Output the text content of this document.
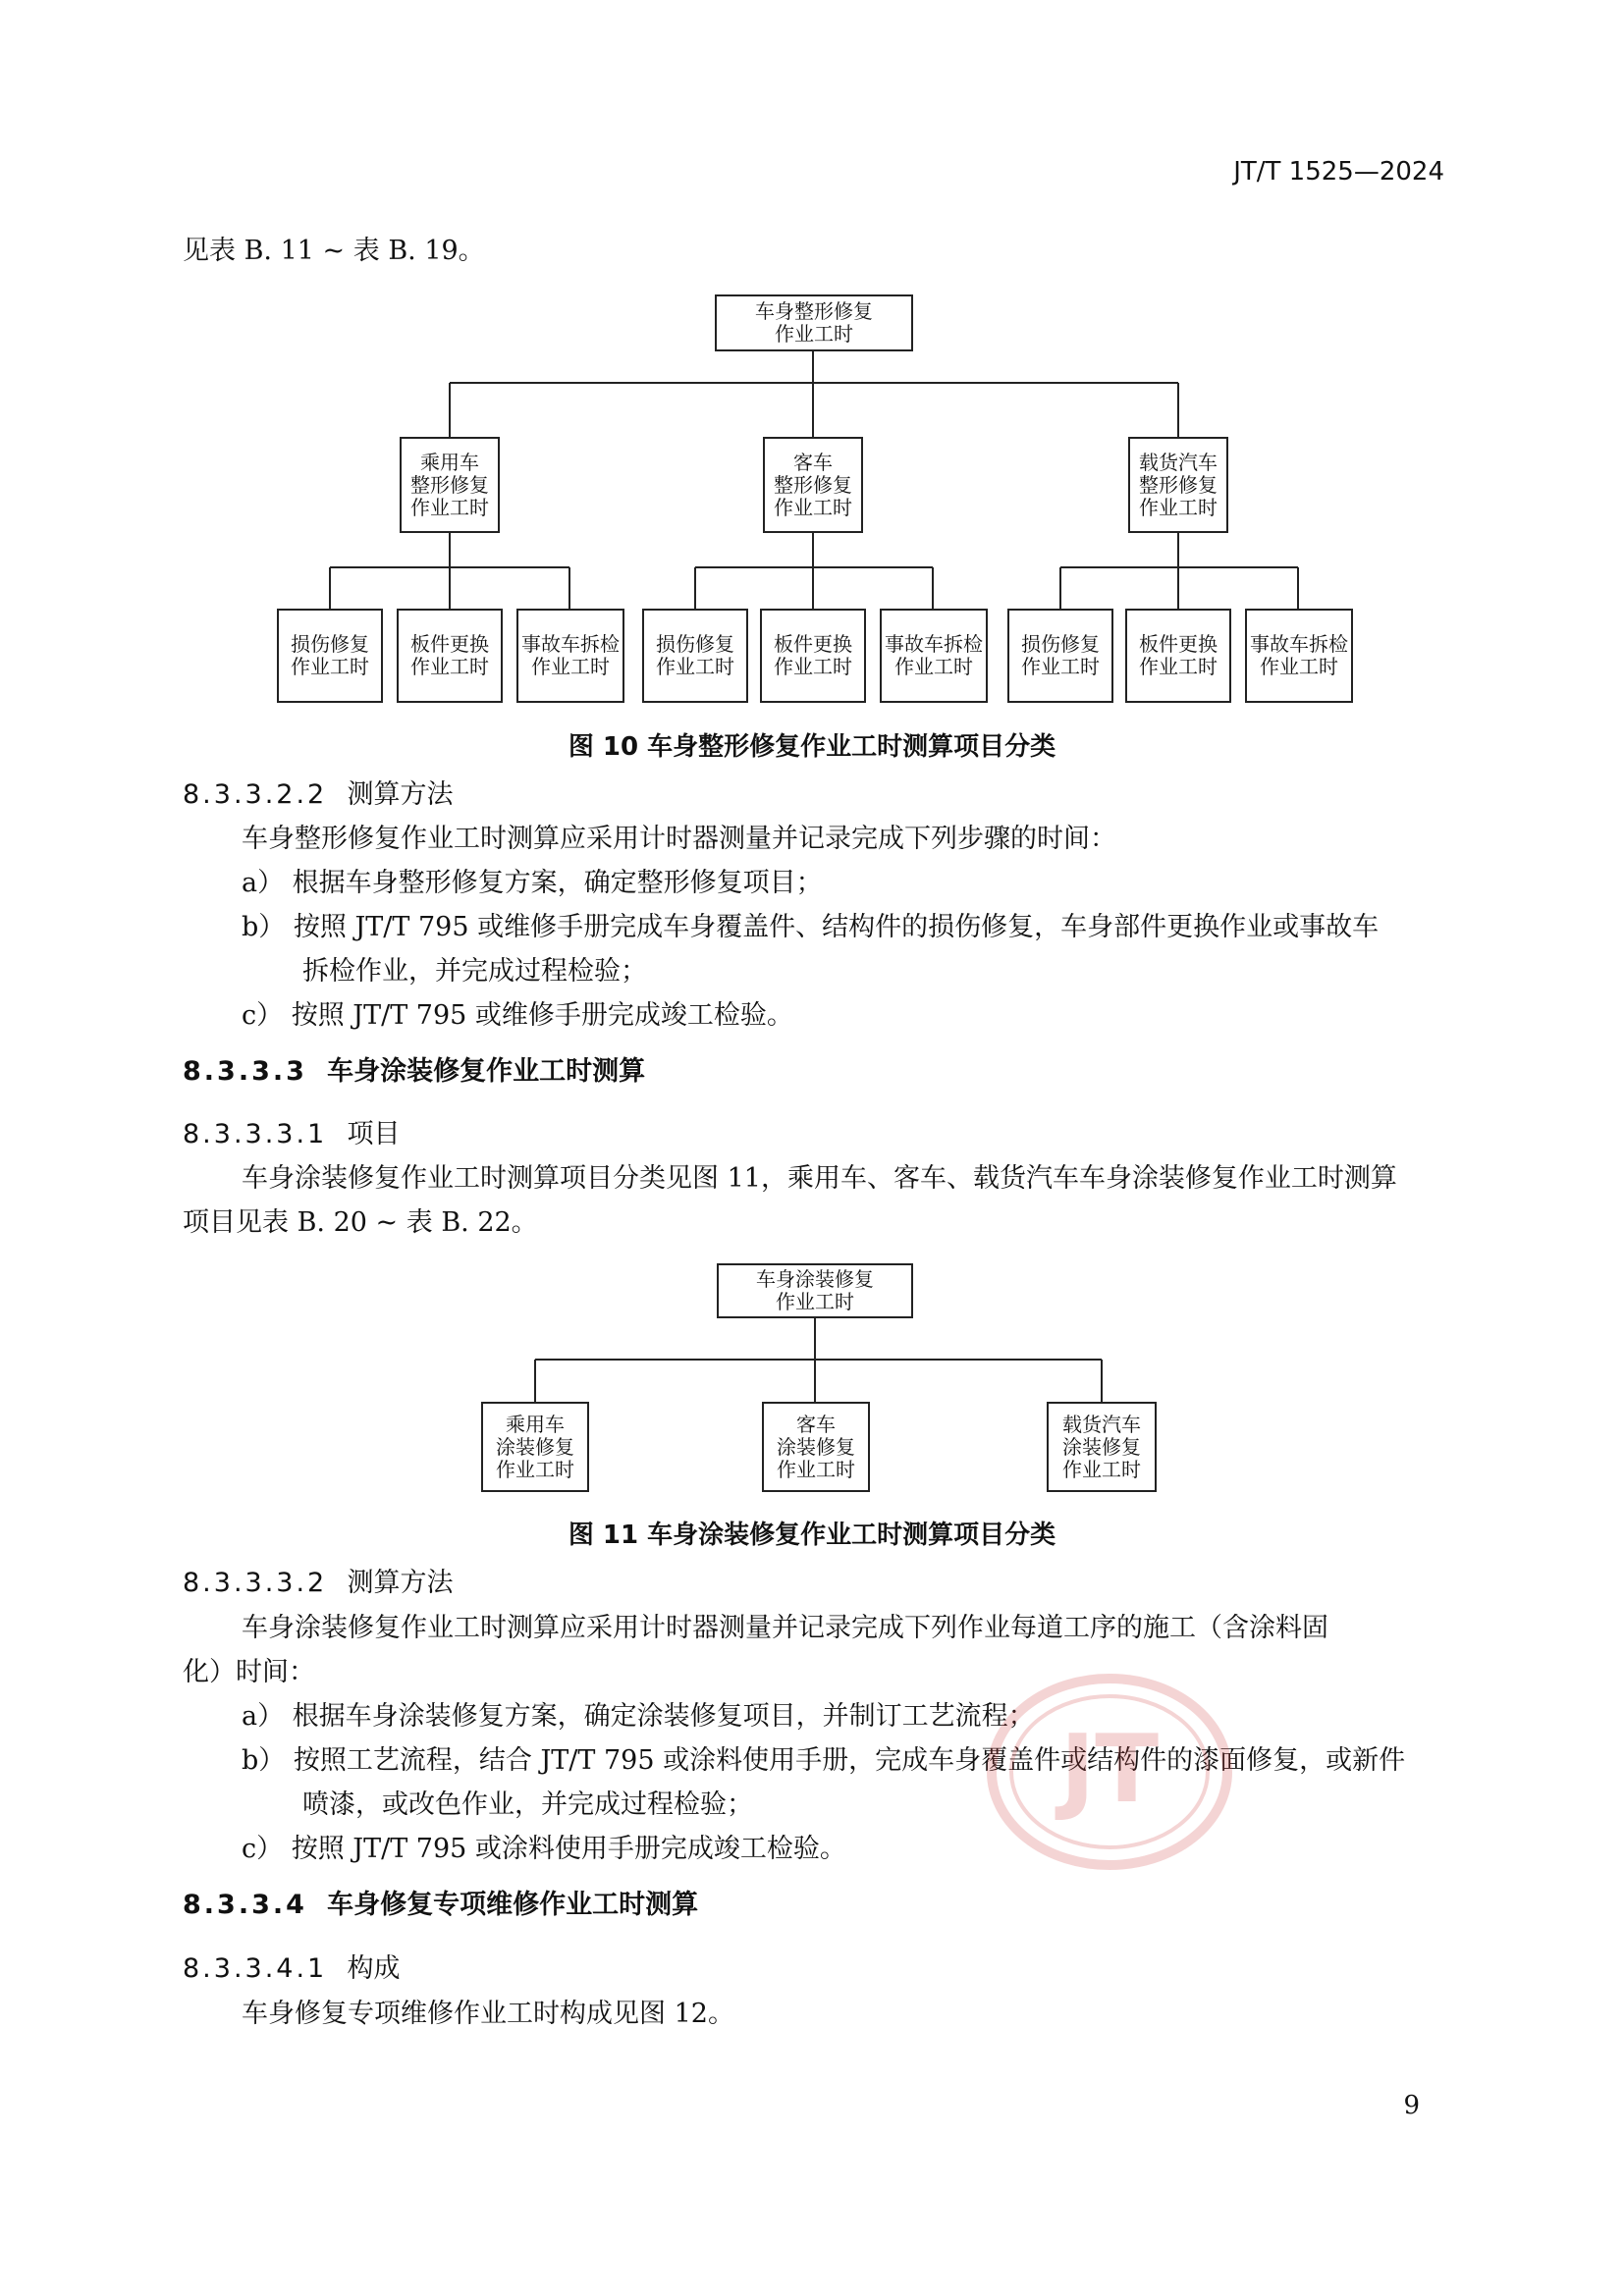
JT/T 1525—2024
见表 B. 11 ~ 表 B. 19。
车身整形修复
作业工时
乘用车
整形修复
作业工时
客车
整形修复
作业工时
载货汽车
整形修复
作业工时
损伤修复
作业工时
板件更换
作业工时
事故车拆检
作业工时
损伤修复
作业工时
板件更换
作业工时
事故车拆检
作业工时
损伤修复
作业工时
板件更换
作业工时
事故车拆检
作业工时
图 10 车身整形修复作业工时测算项目分类
8.3.3.2.2 测算方法
车身整形修复作业工时测算应采用计时器测量并记录完成下列步骤的时间：
a） 根据车身整形修复方案，确定整形修复项目；
b） 按照 JT/T 795 或维修手册完成车身覆盖件、结构件的损伤修复，车身部件更换作业或事故车
拆检作业，并完成过程检验；
c） 按照 JT/T 795 或维修手册完成竣工检验。
8.3.3.3 车身涂装修复作业工时测算
8.3.3.3.1 项目
车身涂装修复作业工时测算项目分类见图 11，乘用车、客车、载货汽车车身涂装修复作业工时测算
项目见表 B. 20 ~ 表 B. 22。
车身涂装修复
作业工时
乘用车
涂装修复
作业工时
客车
涂装修复
作业工时
载货汽车
涂装修复
作业工时
图 11 车身涂装修复作业工时测算项目分类
8.3.3.3.2 测算方法
车身涂装修复作业工时测算应采用计时器测量并记录完成下列作业每道工序的施工（含涂料固
化）时间：
a） 根据车身涂装修复方案，确定涂装修复项目，并制订工艺流程；
b） 按照工艺流程，结合 JT/T 795 或涂料使用手册，完成车身覆盖件或结构件的漆面修复，或新件
喷漆，或改色作业，并完成过程检验；
c） 按照 JT/T 795 或涂料使用手册完成竣工检验。
8.3.3.4 车身修复专项维修作业工时测算
8.3.3.4.1 构成
车身修复专项维修作业工时构成见图 12。
JT
9
